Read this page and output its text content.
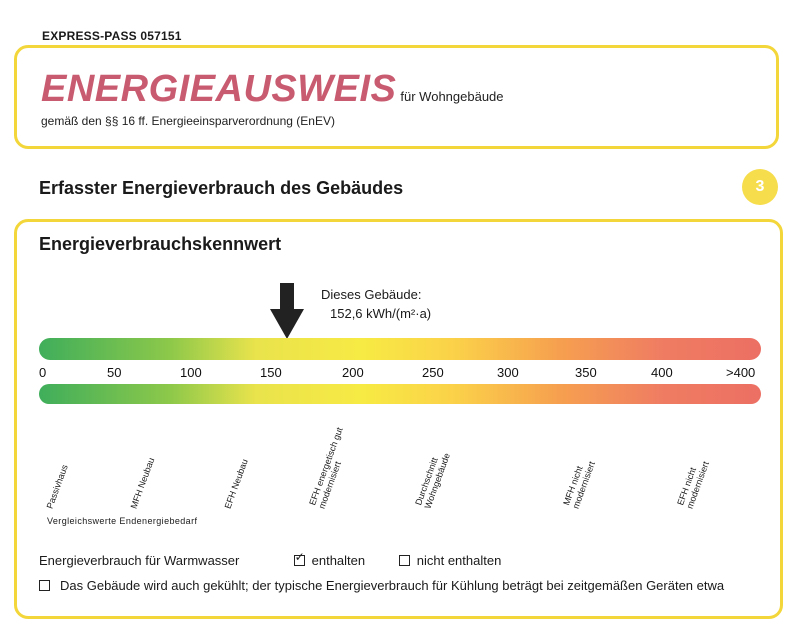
EXPRESS-PASS 057151
ENERGIEAUSWEIS für Wohngebäude
gemäß den §§ 16 ff. Energieeinsparverordnung (EnEV)
Erfasster Energieverbrauch des Gebäudes	3
Energieverbrauchskennwert
Dieses Gebäude:
152,6 kWh/(m²·a)
0	50	100	150	200	250	300	350	400	>400
Passivhaus	MFH Neubau	EFH Neubau	EFH energetisch gut modernisiert	Durchschnitt Wohngebäude	MFH nicht modernisiert	EFH nicht modernisiert
Vergleichswerte Endenergiebedarf
Energieverbrauch für Warmwasser ✓	enthalten	nicht enthalten
Das Gebäude wird auch gekühlt; der typische Energieverbrauch für Kühlung beträgt bei zeitgemäßen Geräten etwa
